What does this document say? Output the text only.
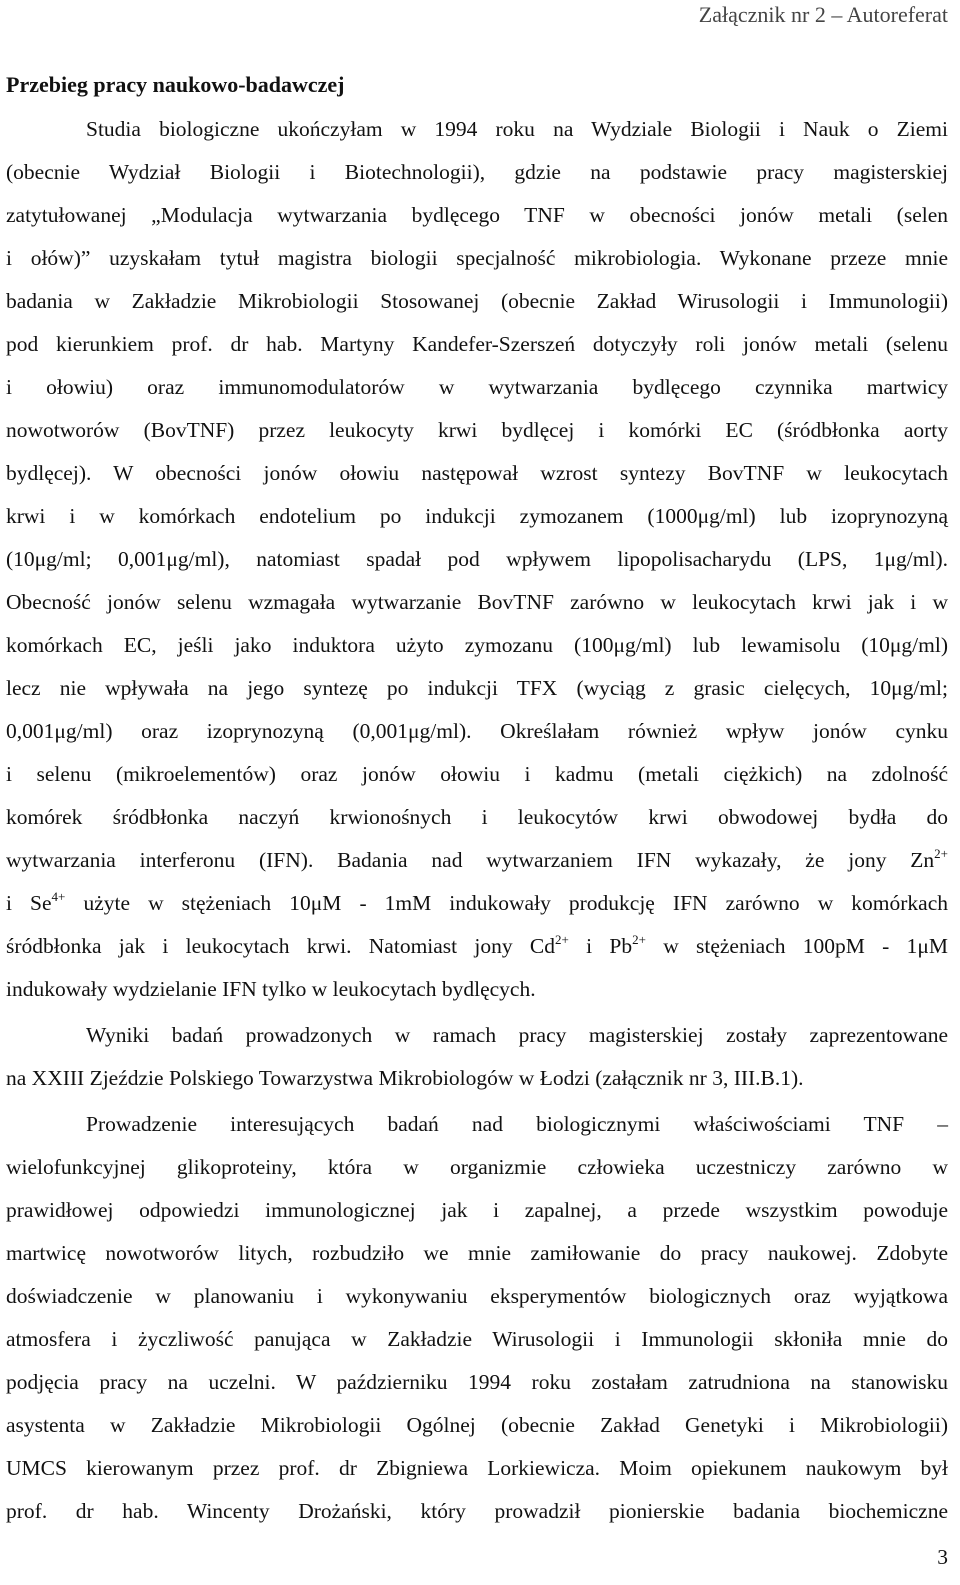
Załącznik nr 2 – Autoreferat
Przebieg pracy naukowo-badawczej
Studia biologiczne ukończyłam w 1994 roku na Wydziale Biologii i Nauk o Ziemi
(obecnie Wydział Biologii i Biotechnologii), gdzie na podstawie pracy magisterskiej
zatytułowanej „Modulacja wytwarzania bydlęcego TNF w obecności jonów metali (selen
i ołów)” uzyskałam tytuł magistra biologii specjalność mikrobiologia. Wykonane przeze mnie
badania w Zakładzie Mikrobiologii Stosowanej (obecnie Zakład Wirusologii i Immunologii)
pod kierunkiem prof. dr hab. Martyny Kandefer-Szerszeń dotyczyły roli jonów metali (selenu
i ołowiu) oraz immunomodulatorów w wytwarzania bydlęcego czynnika martwicy
nowotworów (BovTNF) przez leukocyty krwi bydlęcej i komórki EC (śródbłonka aorty
bydlęcej). W obecności jonów ołowiu następował wzrost syntezy BovTNF w leukocytach
krwi i w komórkach endotelium po indukcji zymozanem (1000μg/ml) lub izoprynozyną
(10μg/ml; 0,001μg/ml), natomiast spadał pod wpływem lipopolisacharydu (LPS, 1μg/ml).
Obecność jonów selenu wzmagała wytwarzanie BovTNF zarówno w leukocytach krwi jak i w
komórkach EC, jeśli jako induktora użyto zymozanu (100μg/ml) lub lewamisolu (10μg/ml)
lecz nie wpływała na jego syntezę po indukcji TFX (wyciąg z grasic cielęcych, 10μg/ml;
0,001μg/ml) oraz izoprynozyną (0,001μg/ml). Określałam również wpływ jonów cynku
i selenu (mikroelementów) oraz jonów ołowiu i kadmu (metali ciężkich) na zdolność
komórek śródbłonka naczyń krwionośnych i leukocytów krwi obwodowej bydła do
wytwarzania interferonu (IFN). Badania nad wytwarzaniem IFN wykazały, że jony $Zn^{2+}$
i $Se^{4+}$ użyte w stężeniach 10μM - 1mM indukowały produkcję IFN zarówno w komórkach
śródbłonka jak i leukocytach krwi. Natomiast jony $Cd^{2+}$ i $Pb^{2+}$ w stężeniach 100pM - 1μM
indukowały wydzielanie IFN tylko w leukocytach bydlęcych.
Wyniki badań prowadzonych w ramach pracy magisterskiej zostały zaprezentowane
na XXIII Zjeździe Polskiego Towarzystwa Mikrobiologów w Łodzi (załącznik nr 3, III.B.1).
Prowadzenie interesujących badań nad biologicznymi właściwościami TNF –
wielofunkcyjnej glikoproteiny, która w organizmie człowieka uczestniczy zarówno w
prawidłowej odpowiedzi immunologicznej jak i zapalnej, a przede wszystkim powoduje
martwicę nowotworów litych, rozbudziło we mnie zamiłowanie do pracy naukowej. Zdobyte
doświadczenie w planowaniu i wykonywaniu eksperymentów biologicznych oraz wyjątkowa
atmosfera i życzliwość panująca w Zakładzie Wirusologii i Immunologii skłoniła mnie do
podjęcia pracy na uczelni. W październiku 1994 roku zostałam zatrudniona na stanowisku
asystenta w Zakładzie Mikrobiologii Ogólnej (obecnie Zakład Genetyki i Mikrobiologii)
UMCS kierowanym przez prof. dr Zbigniewa Lorkiewicza. Moim opiekunem naukowym był
prof. dr hab. Wincenty Drożański, który prowadził pionierskie badania biochemiczne
3
